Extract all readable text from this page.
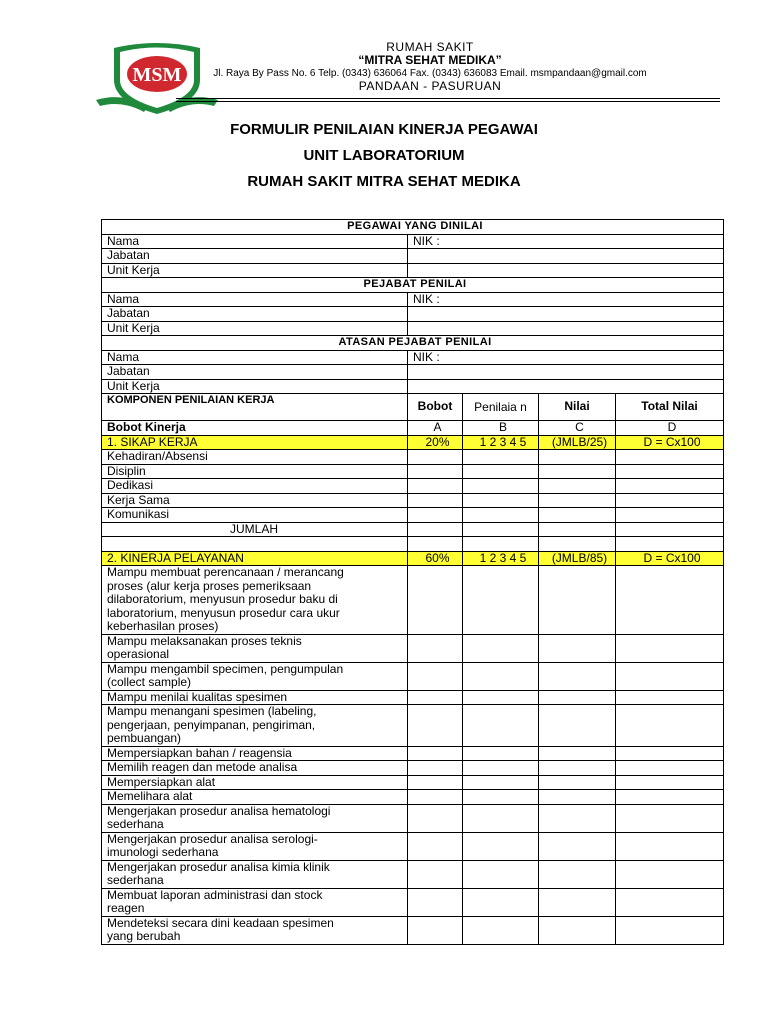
MSM
RUMAH SAKIT
“MITRA SEHAT MEDIKA”
Jl. Raya By Pass No. 6 Telp. (0343) 636064 Fax. (0343) 636083 Email. msmpandaan@gmail.com
PANDAAN - PASURUAN
FORMULIR PENILAIAN KINERJA PEGAWAI
UNIT LABORATORIUM
RUMAH SAKIT MITRA SEHAT MEDIKA
PEGAWAI YANG DINILAI				
Nama	NIK :			
Jabatan				
Unit Kerja				
PEJABAT PENILAI				
Nama	NIK :			
Jabatan				
Unit Kerja				
ATASAN PEJABAT PENILAI				
Nama	NIK :			
Jabatan				
Unit Kerja				
KOMPONEN PENILAIAN KERJA	Bobot	Penilaia n	Nilai	Total Nilai
Bobot Kinerja	A	B	C	D
1. SIKAP KERJA	20%	1 2 3 4 5	(JMLB/25)	D = Cx100
Kehadiran/Absensi				
Disiplin				
Dedikasi				
Kerja Sama				
Komunikasi				
JUMLAH				

2. KINERJA PELAYANAN	60%	1 2 3 4 5	(JMLB/85)	D = Cx100

Mampu membuat perencanaan / merancang
proses (alur kerja proses pemeriksaan
dilaboratorium, menyusun prosedur baku di
laboratorium, menyusun prosedur cara ukur
keberhasilan proses)				

Mampu melaksanakan proses teknis
operasional				

Mampu mengambil specimen, pengumpulan
(collect sample)				

Mampu menilai kualitas spesimen				

Mampu menangani spesimen (labeling,
pengerjaan, penyimpanan, pengiriman,
pembuangan)				

Mempersiapkan bahan / reagensia				

Memilih reagen dan metode analisa				

Mempersiapkan alat				

Memelihara alat				

Mengerjakan prosedur analisa hematologi
sederhana				

Mengerjakan prosedur analisa serologi-
imunologi sederhana				

Mengerjakan prosedur analisa kimia klinik
sederhana				

Membuat laporan administrasi dan stock
reagen				

Mendeteksi secara dini keadaan spesimen
yang berubah				
